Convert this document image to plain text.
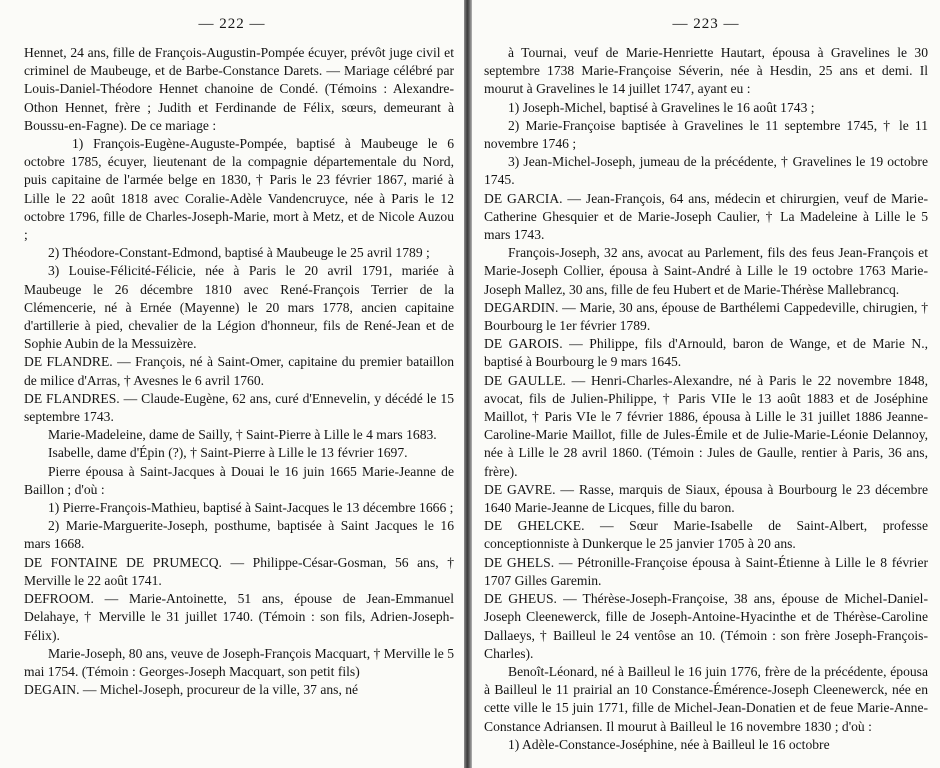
— 222 —

Hennet, 24 ans, fille de François-Augustin-Pompée écuyer, prévôt juge civil et criminel de Maubeuge, et de Barbe-Constance Darets. — Mariage célébré par Louis-Daniel-Théodore Hennet chanoine de Condé. (Témoins : Alexandre-Othon Hennet, frère ; Judith et Ferdinande de Félix, sœurs, demeurant à Boussu-en-Fagne). De ce mariage :

1) François-Eugène-Auguste-Pompée, baptisé à Maubeuge le 6 octobre 1785, écuyer, lieutenant de la compagnie départementale du Nord, puis capitaine de l'armée belge en 1830, † Paris le 23 février 1867, marié à Lille le 22 août 1818 avec Coralie-Adèle Vandencruyce, née à Paris le 12 octobre 1796, fille de Charles-Joseph-Marie, mort à Metz, et de Nicole Auzou ;

2) Théodore-Constant-Edmond, baptisé à Maubeuge le 25 avril 1789 ;

3) Louise-Félicité-Félicie, née à Paris le 20 avril 1791, mariée à Maubeuge le 26 décembre 1810 avec René-François Terrier de la Clémencerie, né à Ernée (Mayenne) le 20 mars 1778, ancien capitaine d'artillerie à pied, chevalier de la Légion d'honneur, fils de René-Jean et de Sophie Aubin de la Messuizère.

DE FLANDRE. — François, né à Saint-Omer, capitaine du premier bataillon de milice d'Arras, † Avesnes le 6 avril 1760.

DE FLANDRES. — Claude-Eugène, 62 ans, curé d'Ennevelin, y décédé le 15 septembre 1743.

Marie-Madeleine, dame de Sailly, † Saint-Pierre à Lille le 4 mars 1683.

Isabelle, dame d'Épin (?), † Saint-Pierre à Lille le 13 février 1697.

Pierre épousa à Saint-Jacques à Douai le 16 juin 1665 Marie-Jeanne de Baillon ; d'où :

1) Pierre-François-Mathieu, baptisé à Saint-Jacques le 13 décembre 1666 ;

2) Marie-Marguerite-Joseph, posthume, baptisée à Saint Jacques le 16 mars 1668.

DE FONTAINE DE PRUMECQ. — Philippe-César-Gosman, 56 ans, † Merville le 22 août 1741.

DEFROOM. — Marie-Antoinette, 51 ans, épouse de Jean-Emmanuel Delahaye, † Merville le 31 juillet 1740. (Témoin : son fils, Adrien-Joseph-Félix).

Marie-Joseph, 80 ans, veuve de Joseph-François Macquart, † Merville le 5 mai 1754. (Témoin : Georges-Joseph Macquart, son petit fils)

DEGAIN. — Michel-Joseph, procureur de la ville, 37 ans, né

— 223 —

à Tournai, veuf de Marie-Henriette Hautart, épousa à Gravelines le 30 septembre 1738 Marie-Françoise Séverin, née à Hesdin, 25 ans et demi. Il mourut à Gravelines le 14 juillet 1747, ayant eu :

1) Joseph-Michel, baptisé à Gravelines le 16 août 1743 ;

2) Marie-Françoise baptisée à Gravelines le 11 septembre 1745, † le 11 novembre 1746 ;

3) Jean-Michel-Joseph, jumeau de la précédente, † Gravelines le 19 octobre 1745.

DE GARCIA. — Jean-François, 64 ans, médecin et chirurgien, veuf de Marie-Catherine Ghesquier et de Marie-Joseph Caulier, † La Madeleine à Lille le 5 mars 1743.

François-Joseph, 32 ans, avocat au Parlement, fils des feus Jean-François et Marie-Joseph Collier, épousa à Saint-André à Lille le 19 octobre 1763 Marie-Joseph Mallez, 30 ans, fille de feu Hubert et de Marie-Thérèse Mallebrancq.

DEGARDIN. — Marie, 30 ans, épouse de Barthélemi Cappedeville, chirugien, † Bourbourg le 1er février 1789.

DE GAROIS. — Philippe, fils d'Arnould, baron de Wange, et de Marie N., baptisé à Bourbourg le 9 mars 1645.

DE GAULLE. — Henri-Charles-Alexandre, né à Paris le 22 novembre 1848, avocat, fils de Julien-Philippe, † Paris VIIe le 13 août 1883 et de Joséphine Maillot, † Paris VIe le 7 février 1886, épousa à Lille le 31 juillet 1886 Jeanne-Caroline-Marie Maillot, fille de Jules-Émile et de Julie-Marie-Léonie Delannoy, née à Lille le 28 avril 1860. (Témoin : Jules de Gaulle, rentier à Paris, 36 ans, frère).

DE GAVRE. — Rasse, marquis de Siaux, épousa à Bourbourg le 23 décembre 1640 Marie-Jeanne de Licques, fille du baron.

DE GHELCKE. — Sœur Marie-Isabelle de Saint-Albert, professe conceptionniste à Dunkerque le 25 janvier 1705 à 20 ans.

DE GHELS. — Pétronille-Françoise épousa à Saint-Étienne à Lille le 8 février 1707 Gilles Garemin.

DE GHEUS. — Thérèse-Joseph-Françoise, 38 ans, épouse de Michel-Daniel-Joseph Cleenewerck, fille de Joseph-Antoine-Hyacinthe et de Thérèse-Caroline Dallaeys, † Bailleul le 24 ventôse an 10. (Témoin : son frère Joseph-François-Charles).

Benoît-Léonard, né à Bailleul le 16 juin 1776, frère de la précédente, épousa à Bailleul le 11 prairial an 10 Constance-Émérence-Joseph Cleenewerck, née en cette ville le 15 juin 1771, fille de Michel-Jean-Donatien et de feue Marie-Anne-Constance Adriansen. Il mourut à Bailleul le 16 novembre 1830 ; d'où :

1) Adèle-Constance-Joséphine, née à Bailleul le 16 octobre
